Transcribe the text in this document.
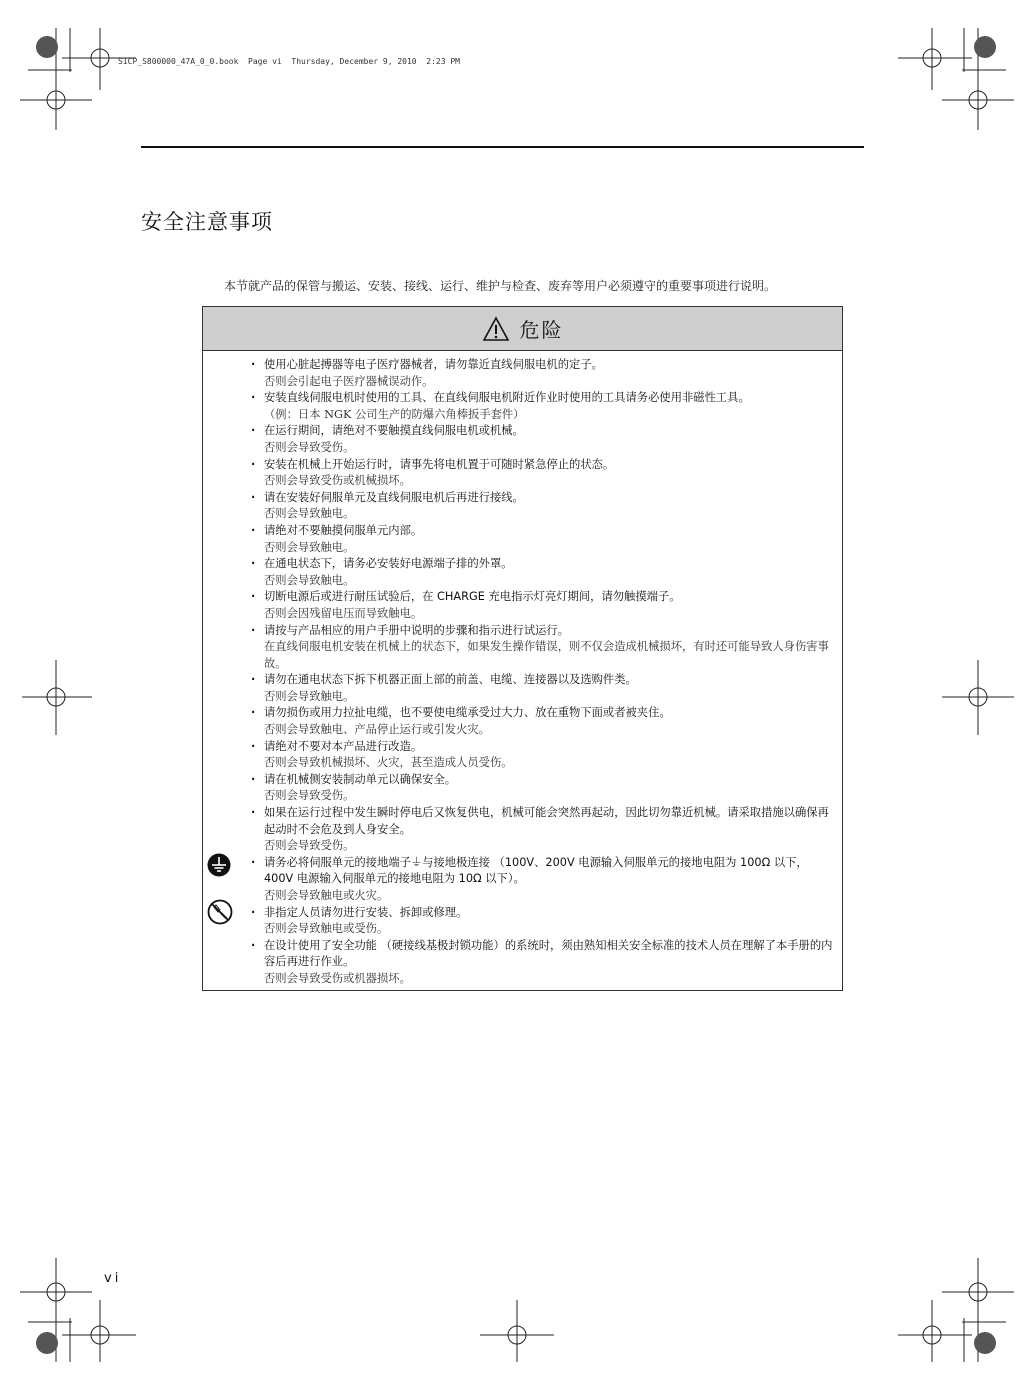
SICP_S800000_47A_0_0.book  Page vi  Thursday, December 9, 2010  2:23 PM
安全注意事项
本节就产品的保管与搬运、安装、接线、运行、维护与检查、废弃等用户必须遵守的重要事项进行说明。
危险
· 使用心脏起搏器等电子医疗器械者，请勿靠近直线伺服电机的定子。
否则会引起电子医疗器械误动作。
· 安装直线伺服电机时使用的工具、在直线伺服电机附近作业时使用的工具请务必使用非磁性工具。
（例：日本 NGK 公司生产的防爆六角棒扳手套件）
· 在运行期间，请绝对不要触摸直线伺服电机或机械。
否则会导致受伤。
· 安装在机械上开始运行时，请事先将电机置于可随时紧急停止的状态。
否则会导致受伤或机械损坏。
· 请在安装好伺服单元及直线伺服电机后再进行接线。
否则会导致触电。
· 请绝对不要触摸伺服单元内部。
否则会导致触电。
· 在通电状态下，请务必安装好电源端子排的外罩。
否则会导致触电。
· 切断电源后或进行耐压试验后，在 CHARGE 充电指示灯亮灯期间，请勿触摸端子。
否则会因残留电压而导致触电。
· 请按与产品相应的用户手册中说明的步骤和指示进行试运行。
在直线伺服电机安装在机械上的状态下，如果发生操作错误，则不仅会造成机械损坏，有时还可能导致人身伤害事故。
· 请勿在通电状态下拆下机器正面上部的前盖、电缆、连接器以及选购件类。
否则会导致触电。
· 请勿损伤或用力拉扯电缆，也不要使电缆承受过大力、放在重物下面或者被夹住。
否则会导致触电、产品停止运行或引发火灾。
· 请绝对不要对本产品进行改造。
否则会导致机械损坏、火灾，甚至造成人员受伤。
· 请在机械侧安装制动单元以确保安全。
否则会导致受伤。
· 如果在运行过程中发生瞬时停电后又恢复供电，机械可能会突然再起动，因此切勿靠近机械。请采取措施以确保再起动时不会危及到人身安全。
否则会导致受伤。
· 请务必将伺服单元的接地端子⏚与接地极连接 （100V、200V 电源输入伺服单元的接地电阻为 100Ω 以下，400V 电源输入伺服单元的接地电阻为 10Ω 以下）。
否则会导致触电或火灾。
· 非指定人员请勿进行安装、拆卸或修理。
否则会导致触电或受伤。
· 在设计使用了安全功能 （硬接线基极封锁功能）的系统时，须由熟知相关安全标准的技术人员在理解了本手册的内容后再进行作业。
否则会导致受伤或机器损坏。
vi
